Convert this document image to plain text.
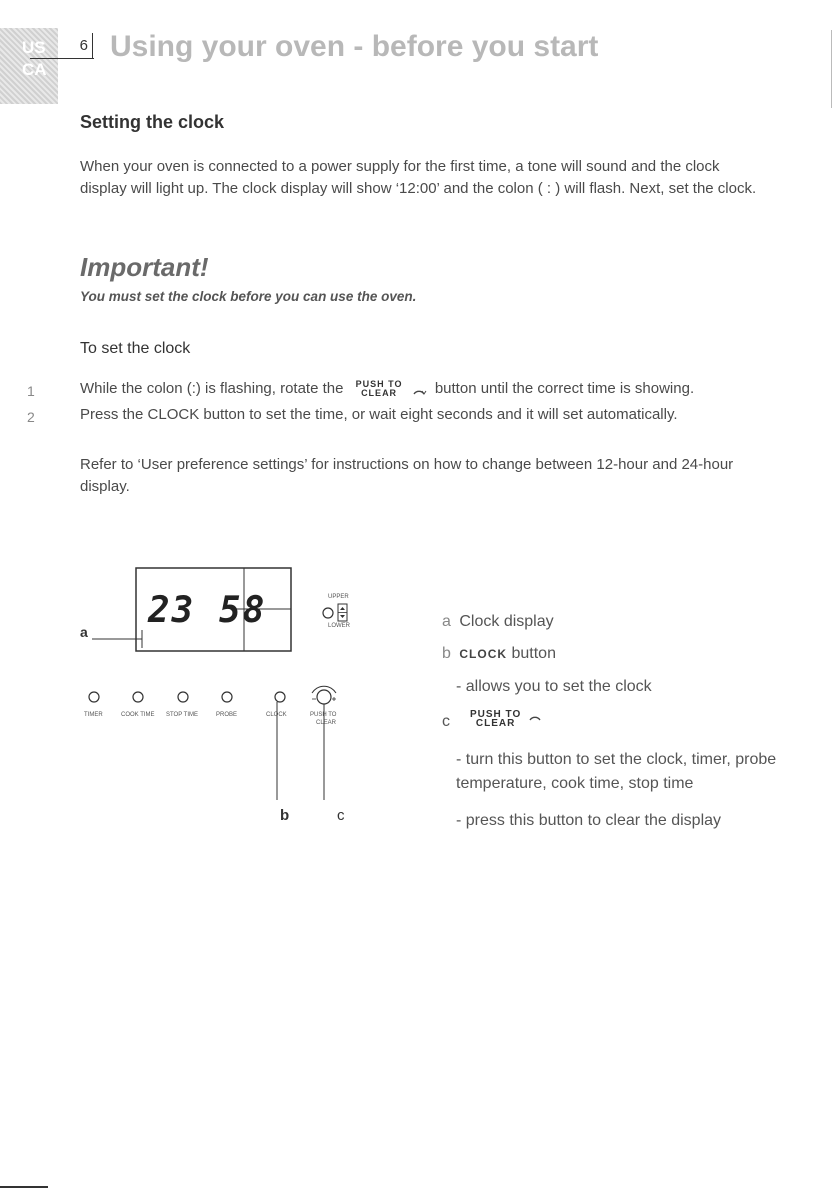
US
CA
6 Using your oven - before you start
Setting the clock
When your oven is connected to a power supply for the first time, a tone will sound and the clock display will light up. The clock display will show ‘12:00’ and the colon ( : ) will flash. Next, set the clock.
Important!
You must set the clock before you can use the oven.
To set the clock
1	While the colon (:) is flashing, rotate the PUSH TO
CLEAR	button until the correct time is showing.
2	Press the CLOCK button to set the time, or wait eight seconds and it will set automatically.
Refer to ‘User preference settings’ for instructions on how to change between 12-hour and 24-hour display.
23 58	UPPER
LOWER
a
TIMER	COOK TIME STOP TIME	PROBE	CLOCK	PUSH TO
CLEAR
b	c
a Clock display
b CLOCK button
- allows you to set the clock
c PUSH TO
CLEAR
- turn this button to set the clock, timer, probe temperature, cook time, stop time
- press this button to clear the display
